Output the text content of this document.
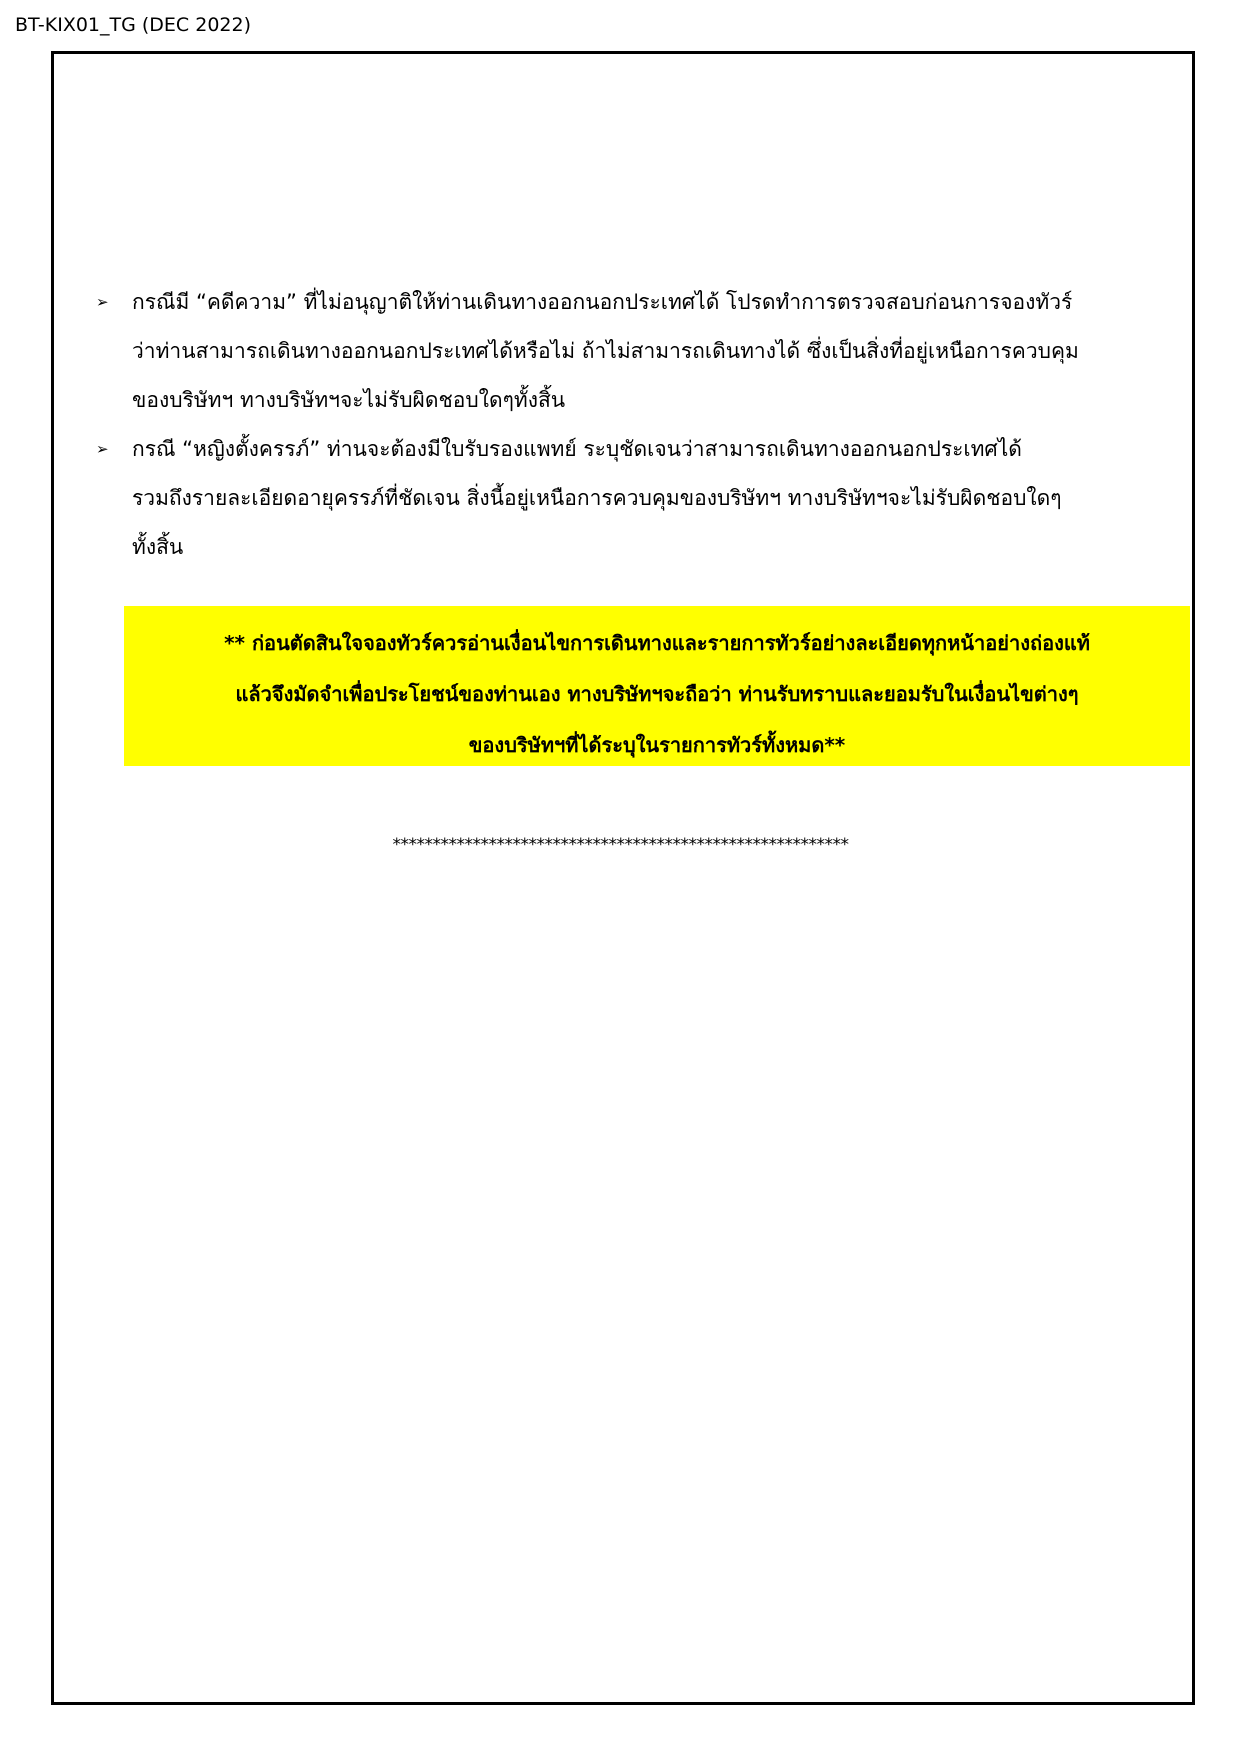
BT-KIX01_TG (DEC 2022)
➢ กรณีมี “คดีความ” ที่ไม่อนุญาติให้ท่านเดินทางออกนอกประเทศได้ โปรดทำการตรวจสอบก่อนการจองทัวร์
ว่าท่านสามารถเดินทางออกนอกประเทศได้หรือไม่ ถ้าไม่สามารถเดินทางได้ ซึ่งเป็นสิ่งที่อยู่เหนือการควบคุม
ของบริษัทฯ ทางบริษัทฯจะไม่รับผิดชอบใดๆทั้งสิ้น
➢ กรณี “หญิงตั้งครรภ์” ท่านจะต้องมีใบรับรองแพทย์ ระบุชัดเจนว่าสามารถเดินทางออกนอกประเทศได้
รวมถึงรายละเอียดอายุครรภ์ที่ชัดเจน สิ่งนี้อยู่เหนือการควบคุมของบริษัทฯ ทางบริษัทฯจะไม่รับผิดชอบใดๆ
ทั้งสิ้น
** ก่อนตัดสินใจจองทัวร์ควรอ่านเงื่อนไขการเดินทางและรายการทัวร์อย่างละเอียดทุกหน้าอย่างถ่องแท้
แล้วจึงมัดจำเพื่อประโยชน์ของท่านเอง ทางบริษัทฯจะถือว่า ท่านรับทราบและยอมรับในเงื่อนไขต่างๆ
ของบริษัทฯที่ได้ระบุในรายการทัวร์ทั้งหมด**
*********************************************************
